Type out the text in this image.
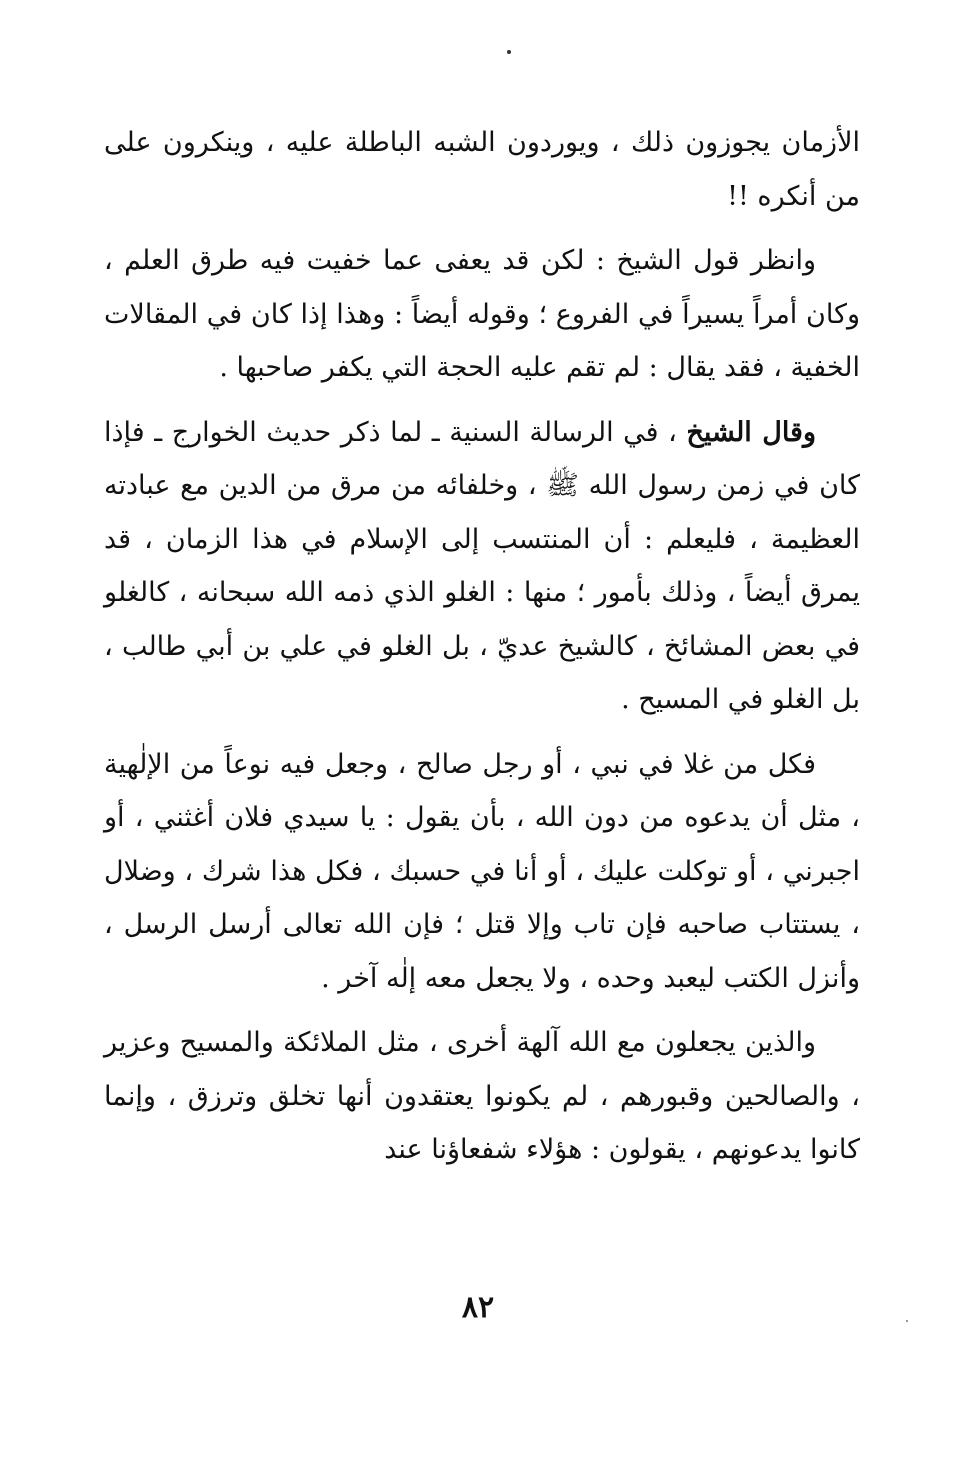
الأزمان يجوزون ذلك ، ويوردون الشبه الباطلة عليه ، وينكرون على من أنكره !!

وانظر قول الشيخ : لكن قد يعفى عما خفيت فيه طرق العلم ، وكان أمراً يسيراً في الفروع ؛ وقوله أيضاً : وهذا إذا كان في المقالات الخفية ، فقد يقال : لم تقم عليه الحجة التي يكفر صاحبها .

وقال الشيخ ، في الرسالة السنية ـ لما ذكر حديث الخوارج ـ فإذا كان في زمن رسول الله ﷺ ، وخلفائه من مرق من الدين مع عبادته العظيمة ، فليعلم : أن المنتسب إلى الإسلام في هذا الزمان ، قد يمرق أيضاً ، وذلك بأمور ؛ منها : الغلو الذي ذمه الله سبحانه ، كالغلو في بعض المشائخ ، كالشيخ عديّ ، بل الغلو في علي بن أبي طالب ، بل الغلو في المسيح .

فكل من غلا في نبي ، أو رجل صالح ، وجعل فيه نوعاً من الإلٰهية ، مثل أن يدعوه من دون الله ، بأن يقول : يا سيدي فلان أغثني ، أو اجبرني ، أو توكلت عليك ، أو أنا في حسبك ، فكل هذا شرك ، وضلال ، يستتاب صاحبه فإن تاب وإلا قتل ؛ فإن الله تعالى أرسل الرسل ، وأنزل الكتب ليعبد وحده ، ولا يجعل معه إلٰه آخر .

والذين يجعلون مع الله آلهة أخرى ، مثل الملائكة والمسيح وعزير ، والصالحين وقبورهم ، لم يكونوا يعتقدون أنها تخلق وترزق ، وإنما كانوا يدعونهم ، يقولون : هؤلاء شفعاؤنا عند

٨٢
